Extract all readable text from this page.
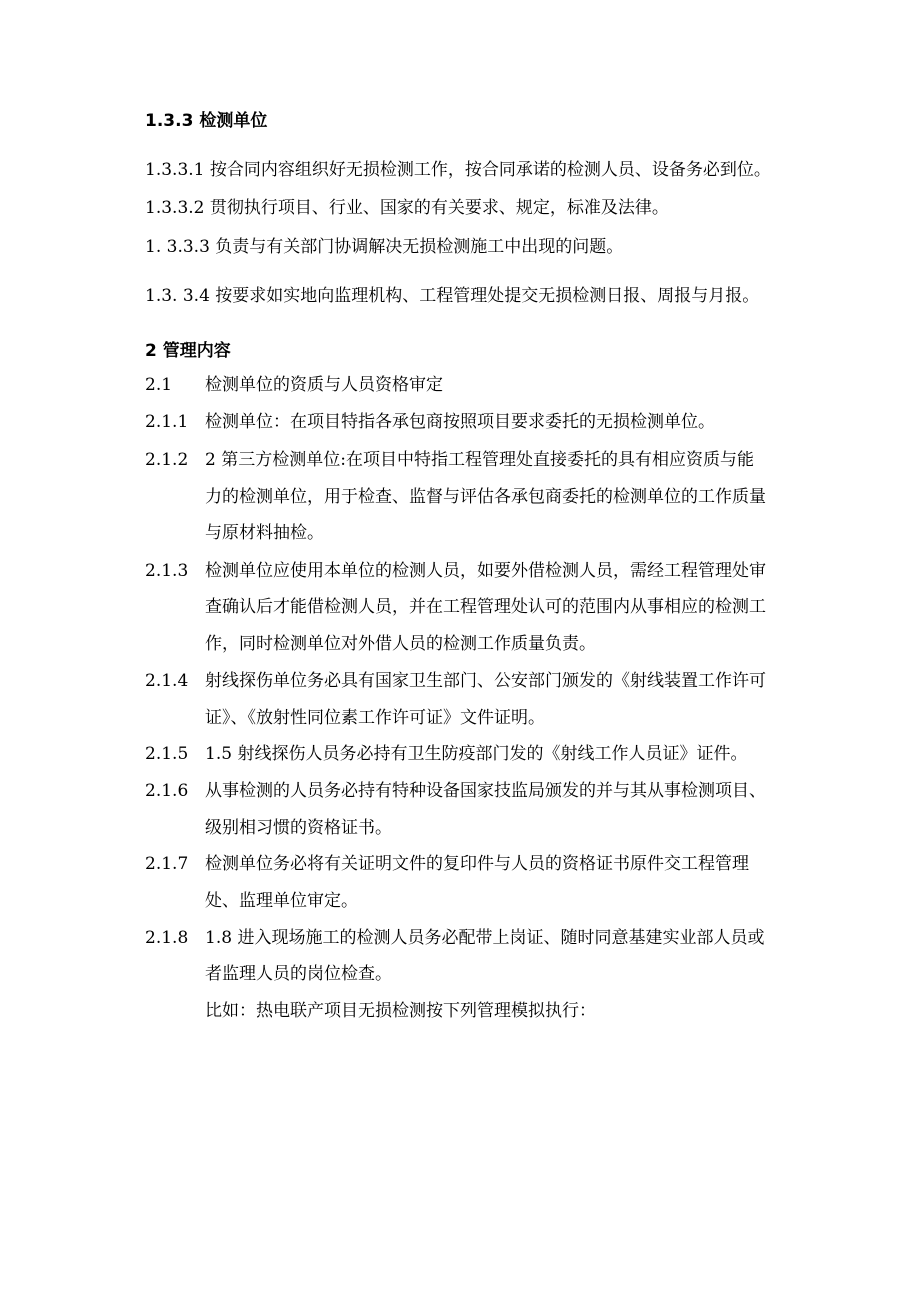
1.3.3 检测单位
1.3.3.1 按合同内容组织好无损检测工作，按合同承诺的检测人员、设备务必到位。
1.3.3.2 贯彻执行项目、行业、国家的有关要求、规定，标准及法律。
1. 3.3.3 负责与有关部门协调解决无损检测施工中出现的问题。
1.3. 3.4 按要求如实地向监理机构、工程管理处提交无损检测日报、周报与月报。
2 管理内容
2.1 检测单位的资质与人员资格审定
2.1.1 检测单位：在项目特指各承包商按照项目要求委托的无损检测单位。
2.1.2 2 第三方检测单位:在项目中特指工程管理处直接委托的具有相应资质与能
力的检测单位，用于检查、监督与评估各承包商委托的检测单位的工作质量
与原材料抽检。
2.1.3 检测单位应使用本单位的检测人员，如要外借检测人员，需经工程管理处审
查确认后才能借检测人员，并在工程管理处认可的范围内从事相应的检测工
作，同时检测单位对外借人员的检测工作质量负责。
2.1.4 射线探伤单位务必具有国家卫生部门、公安部门颁发的《射线装置工作许可
证》、《放射性同位素工作许可证》文件证明。
2.1.5 1.5 射线探伤人员务必持有卫生防疫部门发的《射线工作人员证》证件。
2.1.6 从事检测的人员务必持有特种设备国家技监局颁发的并与其从事检测项目、
级别相习惯的资格证书。
2.1.7 检测单位务必将有关证明文件的复印件与人员的资格证书原件交工程管理
处、监理单位审定。
2.1.8 1.8 进入现场施工的检测人员务必配带上岗证、随时同意基建实业部人员或
者监理人员的岗位检查。
比如：热电联产项目无损检测按下列管理模拟执行：
